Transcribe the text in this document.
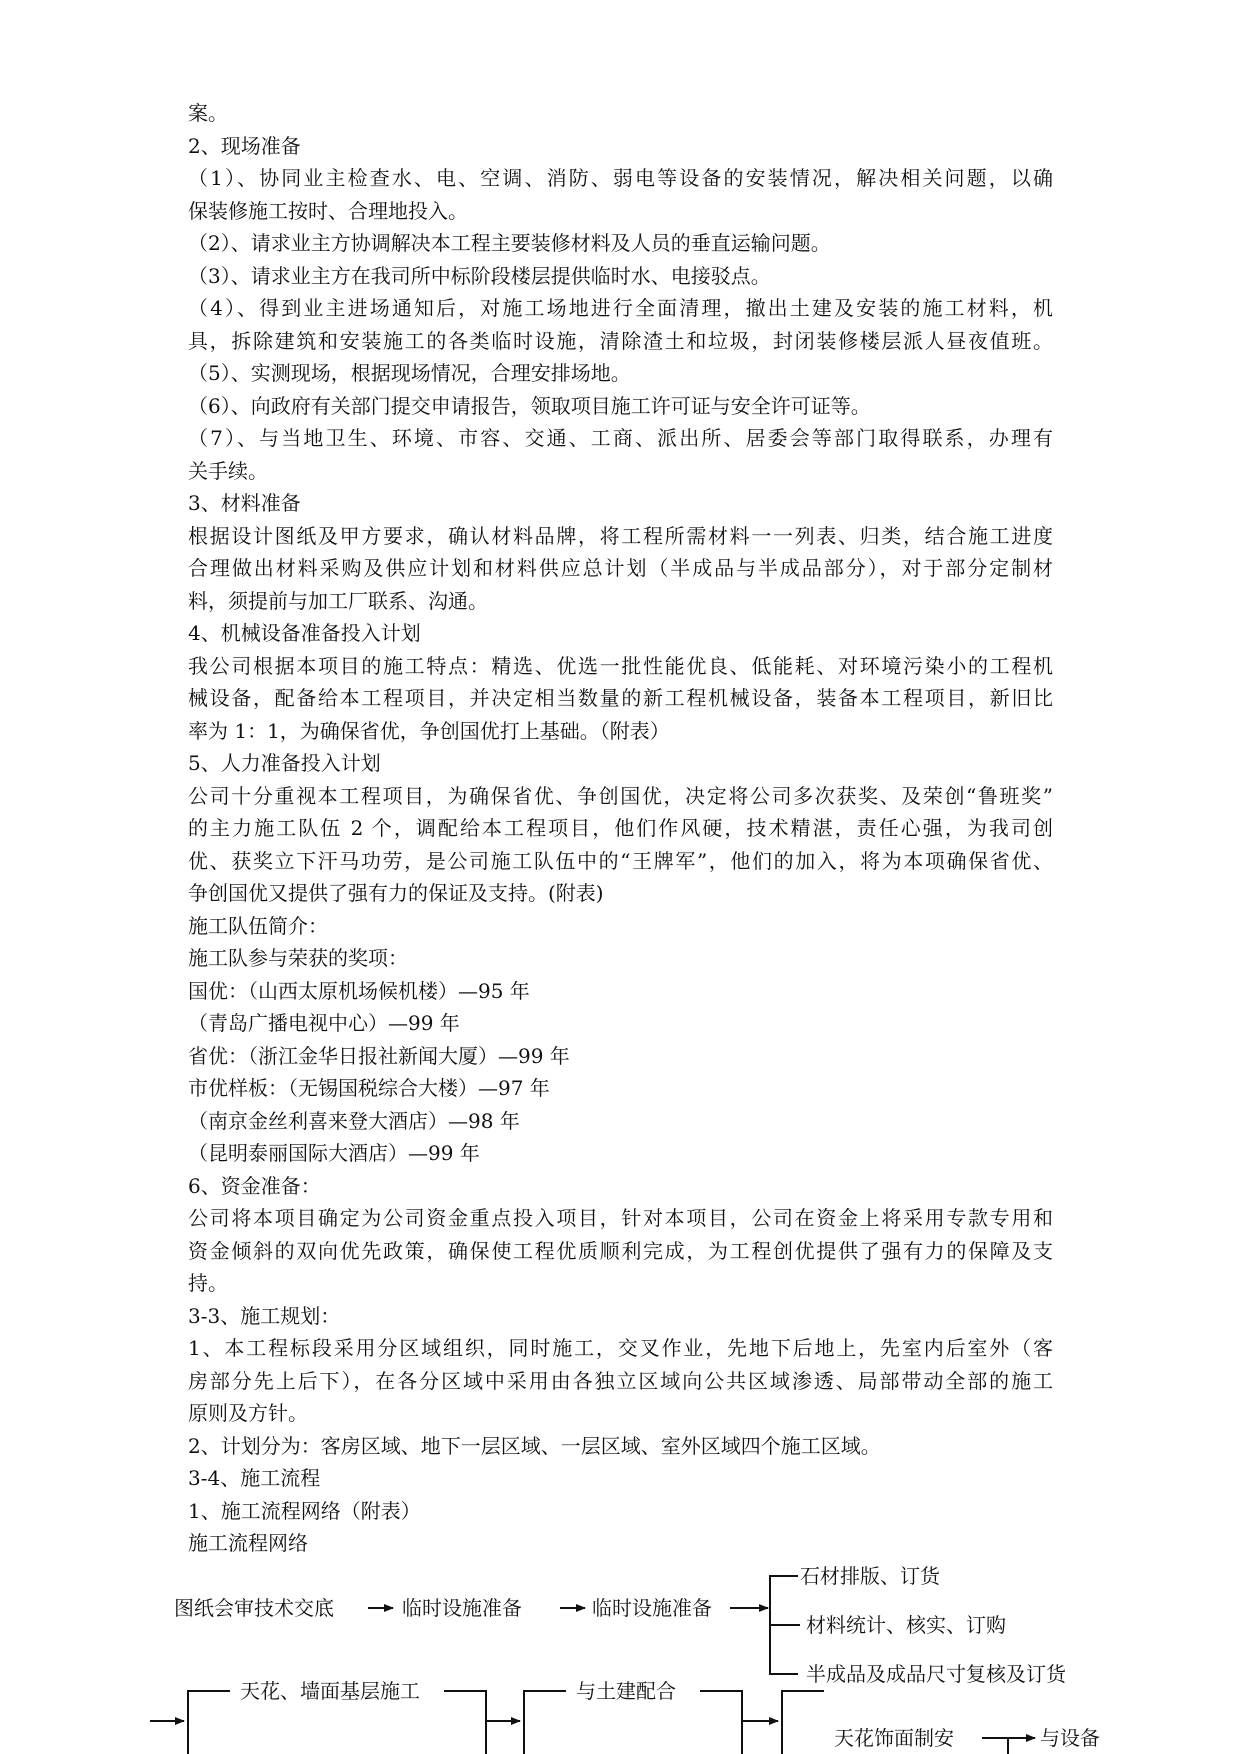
案。
2、现场准备
（1）、协同业主检查水、电、空调、消防、弱电等设备的安装情况，解决相关问题，以确
保装修施工按时、合理地投入。
（2）、请求业主方协调解决本工程主要装修材料及人员的垂直运输问题。
（3）、请求业主方在我司所中标阶段楼层提供临时水、电接驳点。
（4）、得到业主进场通知后，对施工场地进行全面清理，撤出土建及安装的施工材料，机
具，拆除建筑和安装施工的各类临时设施，清除渣土和垃圾，封闭装修楼层派人昼夜值班。
（5）、实测现场，根据现场情况，合理安排场地。
（6）、向政府有关部门提交申请报告，领取项目施工许可证与安全许可证等。
（7）、与当地卫生、环境、市容、交通、工商、派出所、居委会等部门取得联系，办理有
关手续。
3、材料准备
根据设计图纸及甲方要求，确认材料品牌，将工程所需材料一一列表、归类，结合施工进度
合理做出材料采购及供应计划和材料供应总计划（半成品与半成品部分），对于部分定制材
料，须提前与加工厂联系、沟通。
4、机械设备准备投入计划
我公司根据本项目的施工特点：精选、优选一批性能优良、低能耗、对环境污染小的工程机
械设备，配备给本工程项目，并决定相当数量的新工程机械设备，装备本工程项目，新旧比
率为 1：1，为确保省优，争创国优打上基础。（附表）
5、人力准备投入计划
公司十分重视本工程项目，为确保省优、争创国优，决定将公司多次获奖、及荣创“鲁班奖”
的主力施工队伍 2 个，调配给本工程项目，他们作风硬，技术精湛，责任心强，为我司创
优、获奖立下汗马功劳，是公司施工队伍中的“王牌军”，他们的加入，将为本项确保省优、
争创国优又提供了强有力的保证及支持。(附表)
施工队伍简介：
施工队参与荣获的奖项：
国优：（山西太原机场候机楼）—95 年
（青岛广播电视中心）—99 年
省优：（浙江金华日报社新闻大厦）—99 年
市优样板：（无锡国税综合大楼）—97 年
（南京金丝利喜来登大酒店）—98 年
（昆明泰丽国际大酒店）—99 年
6、资金准备：
公司将本项目确定为公司资金重点投入项目，针对本项目，公司在资金上将采用专款专用和
资金倾斜的双向优先政策，确保使工程优质顺利完成，为工程创优提供了强有力的保障及支
持。
3-3、施工规划：
1、本工程标段采用分区域组织，同时施工，交叉作业，先地下后地上，先室内后室外（客
房部分先上后下），在各分区域中采用由各独立区域向公共区域渗透、局部带动全部的施工
原则及方针。
2、计划分为：客房区域、地下一层区域、一层区域、室外区域四个施工区域。
3-4、施工流程
1、施工流程网络（附表）
施工流程网络
图纸会审技术交底	临时设施准备	临时设施准备
石材排版、订货
材料统计、核实、订购
半成品及成品尺寸复核及订货
天花、墙面基层施工	与土建配合
天花饰面制安	与设备
